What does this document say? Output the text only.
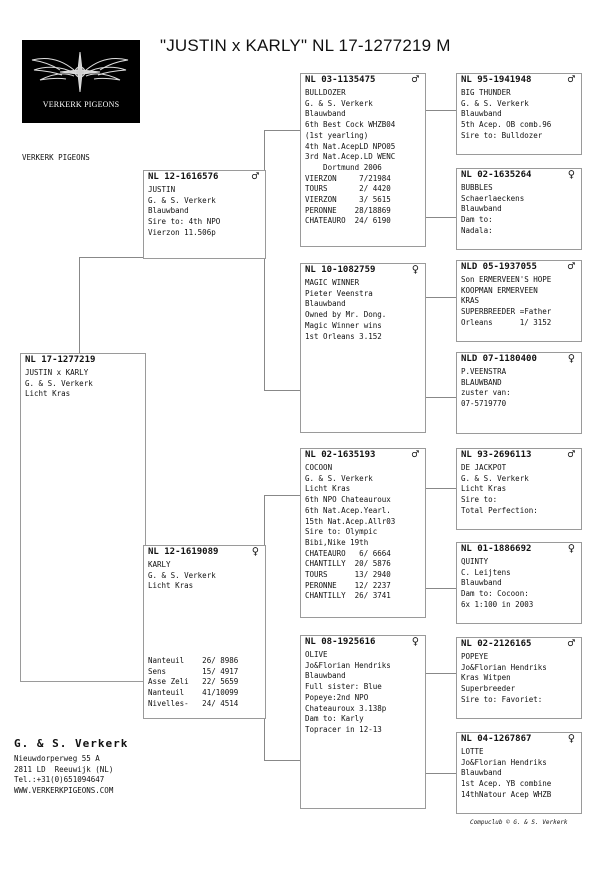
"JUSTIN x KARLY" NL 17-1277219 M
VERKERK PIGEONS
VERKERK PIGEONS
NL 17-1277219
JUSTIN x KARLY
G. & S. Verkerk
Licht Kras
NL 12-1616576	♂
JUSTIN
G. & S. Verkerk
Blauwband
Sire to: 4th NPO
Vierzon 11.506p
NL 12-1619089	♀
KARLY
G. & S. Verkerk
Licht Kras
Nanteuil    26/ 8986
Sens        15/ 4917
Asse Zeli   22/ 5659
Nanteuil    41/10099
Nivelles-   24/ 4514
NL 03-1135475	♂
BULLDOZER
G. & S. Verkerk
Blauwband
6th Best Cock WHZB04
(1st yearling)
4th Nat.AcepLD NPO05
3rd Nat.Acep.LD WENC
Dortmund 2006
VIERZON     7/21984
TOURS       2/ 4420
VIERZON     3/ 5615
PERONNE    28/18869
CHATEAURO  24/ 6190
NL 10-1082759	♀
MAGIC WINNER
Pieter Veenstra
Blauwband
Owned by Mr. Dong.
Magic Winner wins
1st Orleans 3.152
NL 02-1635193	♂
COCOON
G. & S. Verkerk
Licht Kras
6th NPO Chateauroux
6th Nat.Acep.Yearl.
15th Nat.Acep.Allr03
Sire to: Olympic
Bibi,Nike 19th
CHATEAURO   6/ 6664
CHANTILLY  20/ 5876
TOURS      13/ 2940
PERONNE    12/ 2237
CHANTILLY  26/ 3741
NL 08-1925616	♀
OLIVE
Jo&Florian Hendriks
Blauwband
Full sister: Blue
Popeye:2nd NPO
Chateauroux 3.138p
Dam to: Karly
Topracer in 12-13
NL 95-1941948	♂
BIG THUNDER
G. & S. Verkerk
Blauwband
5th Acep. OB comb.96
Sire to: Bulldozer
NL 02-1635264	♀
BUBBLES
Schaerlaeckens
Blauwband
Dam to:
Nadala:
NLD 05-1937055	♂
Son ERMERVEEN'S HOPE
KOOPMAN ERMERVEEN
KRAS
SUPERBREEDER =Father
Orleans      1/ 3152
NLD 07-1180400	♀
P.VEENSTRA
BLAUWBAND
zuster van:
07-5719770
NL 93-2696113	♂
DE JACKPOT
G. & S. Verkerk
Licht Kras
Sire to:
Total Perfection:
NL 01-1886692	♀
QUINTY
C. Leijtens
Blauwband
Dam to: Cocoon:
6x 1:100 in 2003
NL 02-2126165	♂
POPEYE
Jo&Florian Hendriks
Kras Witpen
Superbreeder
Sire to: Favoriet:
NL 04-1267867	♀
LOTTE
Jo&Florian Hendriks
Blauwband
1st Acep. YB combine
14thNatour Acep WHZB
G. & S. Verkerk
Nieuwdorperweg 55 A
2811 LD  Reeuwijk (NL)
Tel.:+31(0)651094647
WWW.VERKERKPIGEONS.COM
Compuclub © G. & S. Verkerk
